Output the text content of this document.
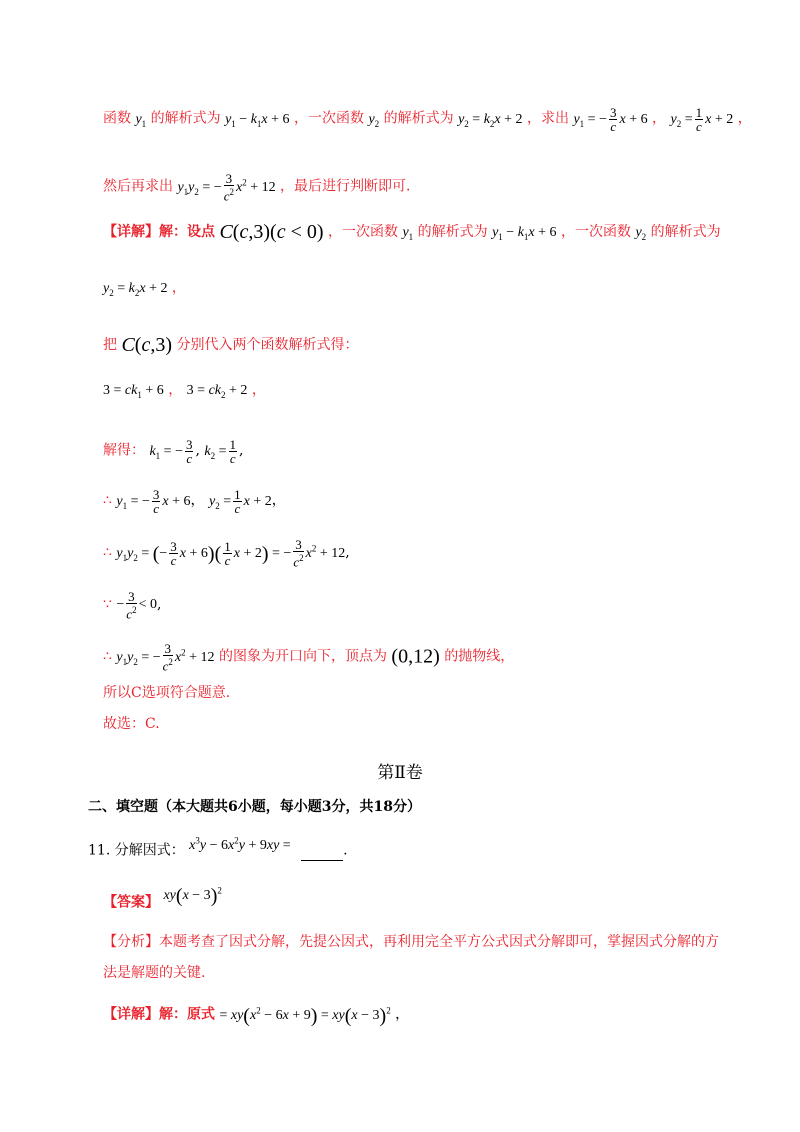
函数 $y_1$ 的解析式为 $y_1 - k_1x + 6$ ，一次函数 $y_2$ 的解析式为 $y_2 = k_2x + 2$ ，求出 $y_1$ = − $\frac{3}{c}$ x + 6 ， $y_2 = \frac{1}{c}$ x + 2 ，
然后再求出 $y_1y_2$ = − $\frac{3}{c^2} x^2 + 12$ ，最后进行判断即可.
【详解】解：设点 C(c,3)(c < 0) ，一次函数 $y_1$ 的解析式为 $y_1 - k_1x + 6$ ，一次函数 $y_2$ 的解析式为
$y_2 = k_2x + 2$ ，
把 C(c,3) 分别代入两个函数解析式得：
$3 = ck_1 + 6$ ， $3 = ck_2 + 2$ ，
解得： $k_1$ = − $\frac{3}{c}$ , $k_2 = \frac{1}{c}$ ,
∴ $y_1$ = − $\frac{3}{c}$ x + 6， $y_2 = \frac{1}{c}$ x + 2，
∴ $y_1y_2$ = (− $\frac{3}{c}$ $x + 6)( \frac{1}{c}$ x + 2) = − $\frac{3}{c^2} x^2 + 12$,
∵ − $\frac{3}{c^2} < 0$,
∴ $y_1y_2$ = − $\frac{3}{c^2} x^2 + 12$ 的图象为开口向下，顶点为 (0,12) 的抛物线，
所以C选项符合题意.
故选：C.
第Ⅱ卷
二、填空题（本大题共6小题，每小题3分，共18分）
11. 分解因式： $x^3y - 6x^2y + 9xy$ =	.
【答案】 $xy(x - 3)^2$
【分析】本题考查了因式分解，先提公因式，再利用完全平方公式因式分解即可，掌握因式分解的方
法是解题的关键.
【详解】解：原式 = $xy(x^2 - 6x + 9) = xy(x - 3)^2$ ，
